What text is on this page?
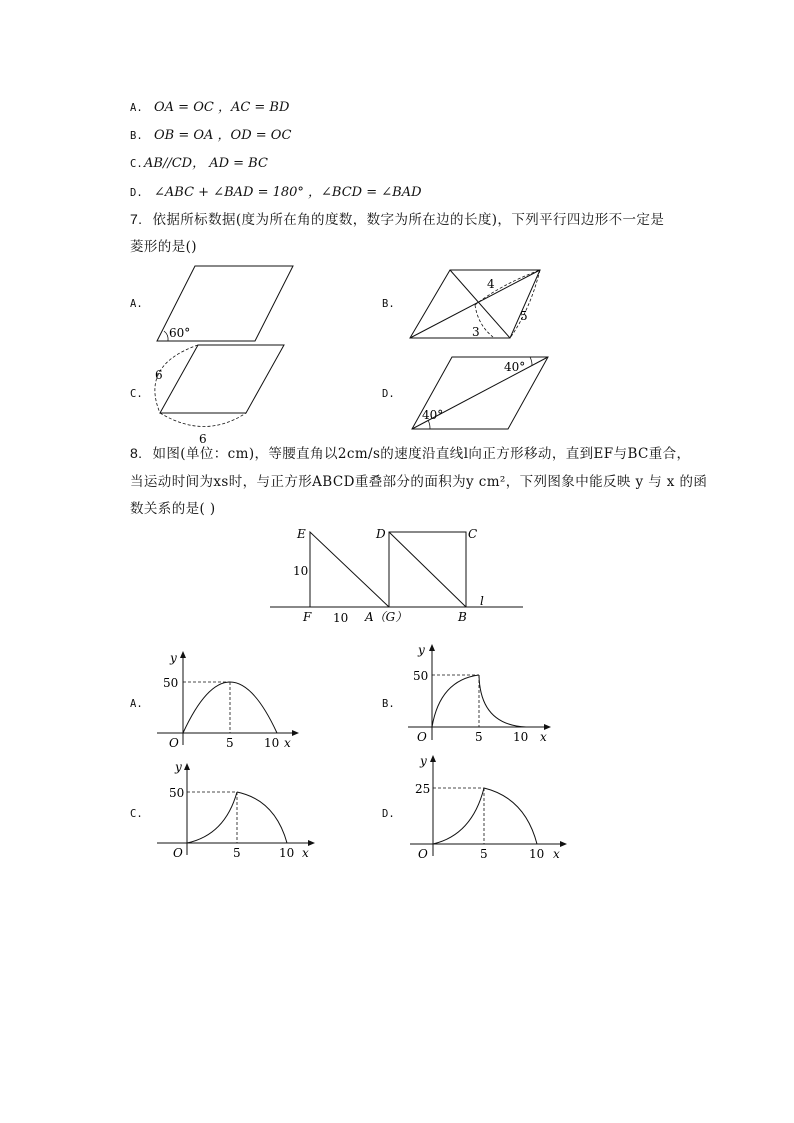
A. OA = OC ，AC = BD
B. OB = OA ，OD = OC
C.AB//CD， AD = BC
D. ∠ABC + ∠BAD = 180° ，∠BCD = ∠BAD
7. 依据所标数据(度为所在角的度数，数字为所在边的长度)，下列平行四边形不一定是
菱形的是()
A.	B.
C.	D.
60°
4
5
3
6
6
40°
40°
8. 如图(单位：cm)，等腰直角以2cm/s的速度沿直线l向正方形移动，直到EF与BC重合，
当运动时间为xs时，与正方形ABCD重叠部分的面积为y cm²，下列图象中能反映 y 与 x 的函
数关系的是( )
E
F
D	C
B
A（G）
l
10
10
A.	B.
C.	D.
y
x
O
50
5	10
y
x
O
50
5	10
y
x
O
50
5	10
y
x
O
25
5	10
